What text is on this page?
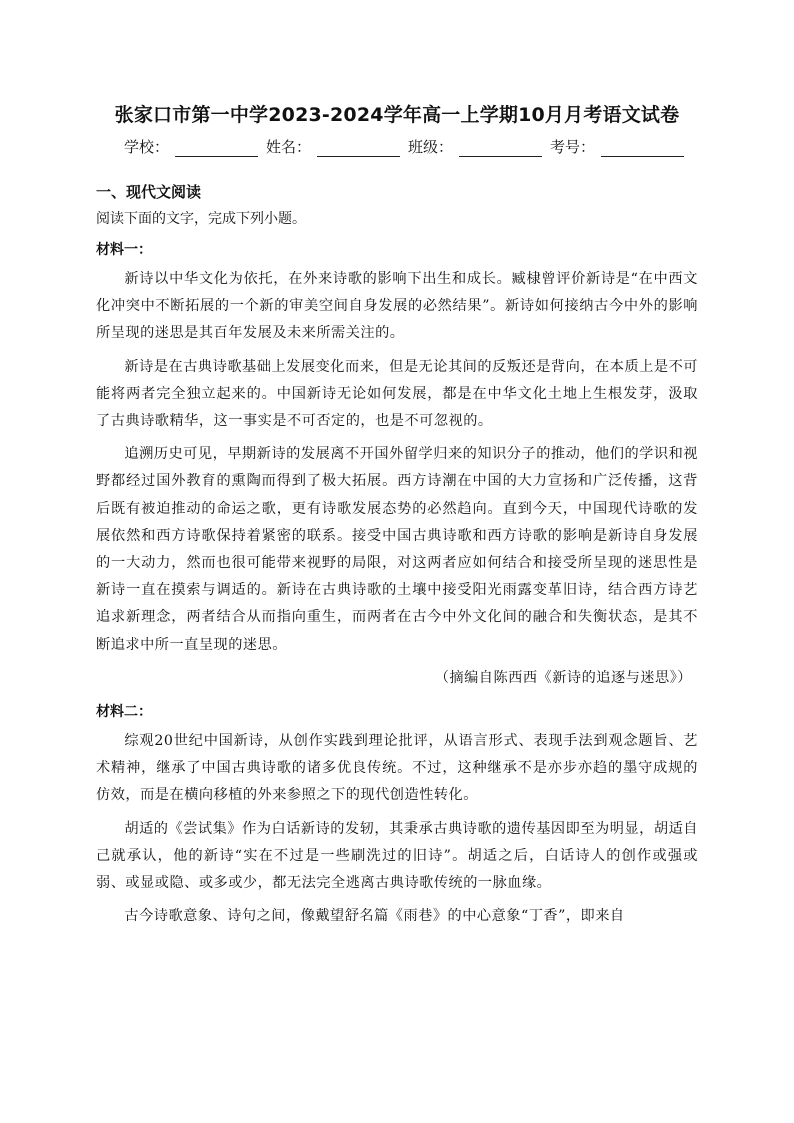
张家口市第一中学2023-2024学年高一上学期10月月考语文试卷
学校：	姓名：	班级：	考号：

一、现代文阅读

阅读下面的文字，完成下列小题。

材料一：

新诗以中华文化为依托，在外来诗歌的影响下出生和成长。臧棣曾评价新诗是“在中西文化冲突中不断拓展的一个新的审美空间自身发展的必然结果”。新诗如何接纳古今中外的影响所呈现的迷思是其百年发展及未来所需关注的。

新诗是在古典诗歌基础上发展变化而来，但是无论其间的反叛还是背向，在本质上是不可能将两者完全独立起来的。中国新诗无论如何发展，都是在中华文化土地上生根发芽，汲取了古典诗歌精华，这一事实是不可否定的，也是不可忽视的。

追溯历史可见，早期新诗的发展离不开国外留学归来的知识分子的推动，他们的学识和视野都经过国外教育的熏陶而得到了极大拓展。西方诗潮在中国的大力宣扬和广泛传播，这背后既有被迫推动的命运之歌，更有诗歌发展态势的必然趋向。直到今天，中国现代诗歌的发展依然和西方诗歌保持着紧密的联系。接受中国古典诗歌和西方诗歌的影响是新诗自身发展的一大动力，然而也很可能带来视野的局限，对这两者应如何结合和接受所呈现的迷思性是新诗一直在摸索与调适的。新诗在古典诗歌的土壤中接受阳光雨露变革旧诗，结合西方诗艺追求新理念，两者结合从而指向重生，而两者在古今中外文化间的融合和失衡状态，是其不断追求中所一直呈现的迷思。

（摘编自陈西西《新诗的追逐与迷思》）

材料二：

综观20世纪中国新诗，从创作实践到理论批评，从语言形式、表现手法到观念题旨、艺术精神，继承了中国古典诗歌的诸多优良传统。不过，这种继承不是亦步亦趋的墨守成规的仿效，而是在横向移植的外来参照之下的现代创造性转化。

胡适的《尝试集》作为白话新诗的发轫，其秉承古典诗歌的遗传基因即至为明显，胡适自己就承认，他的新诗“实在不过是一些刷洗过的旧诗”。胡适之后，白话诗人的创作或强或弱、或显或隐、或多或少，都无法完全逃离古典诗歌传统的一脉血缘。

古今诗歌意象、诗句之间，像戴望舒名篇《雨巷》的中心意象“丁香”，即来自
